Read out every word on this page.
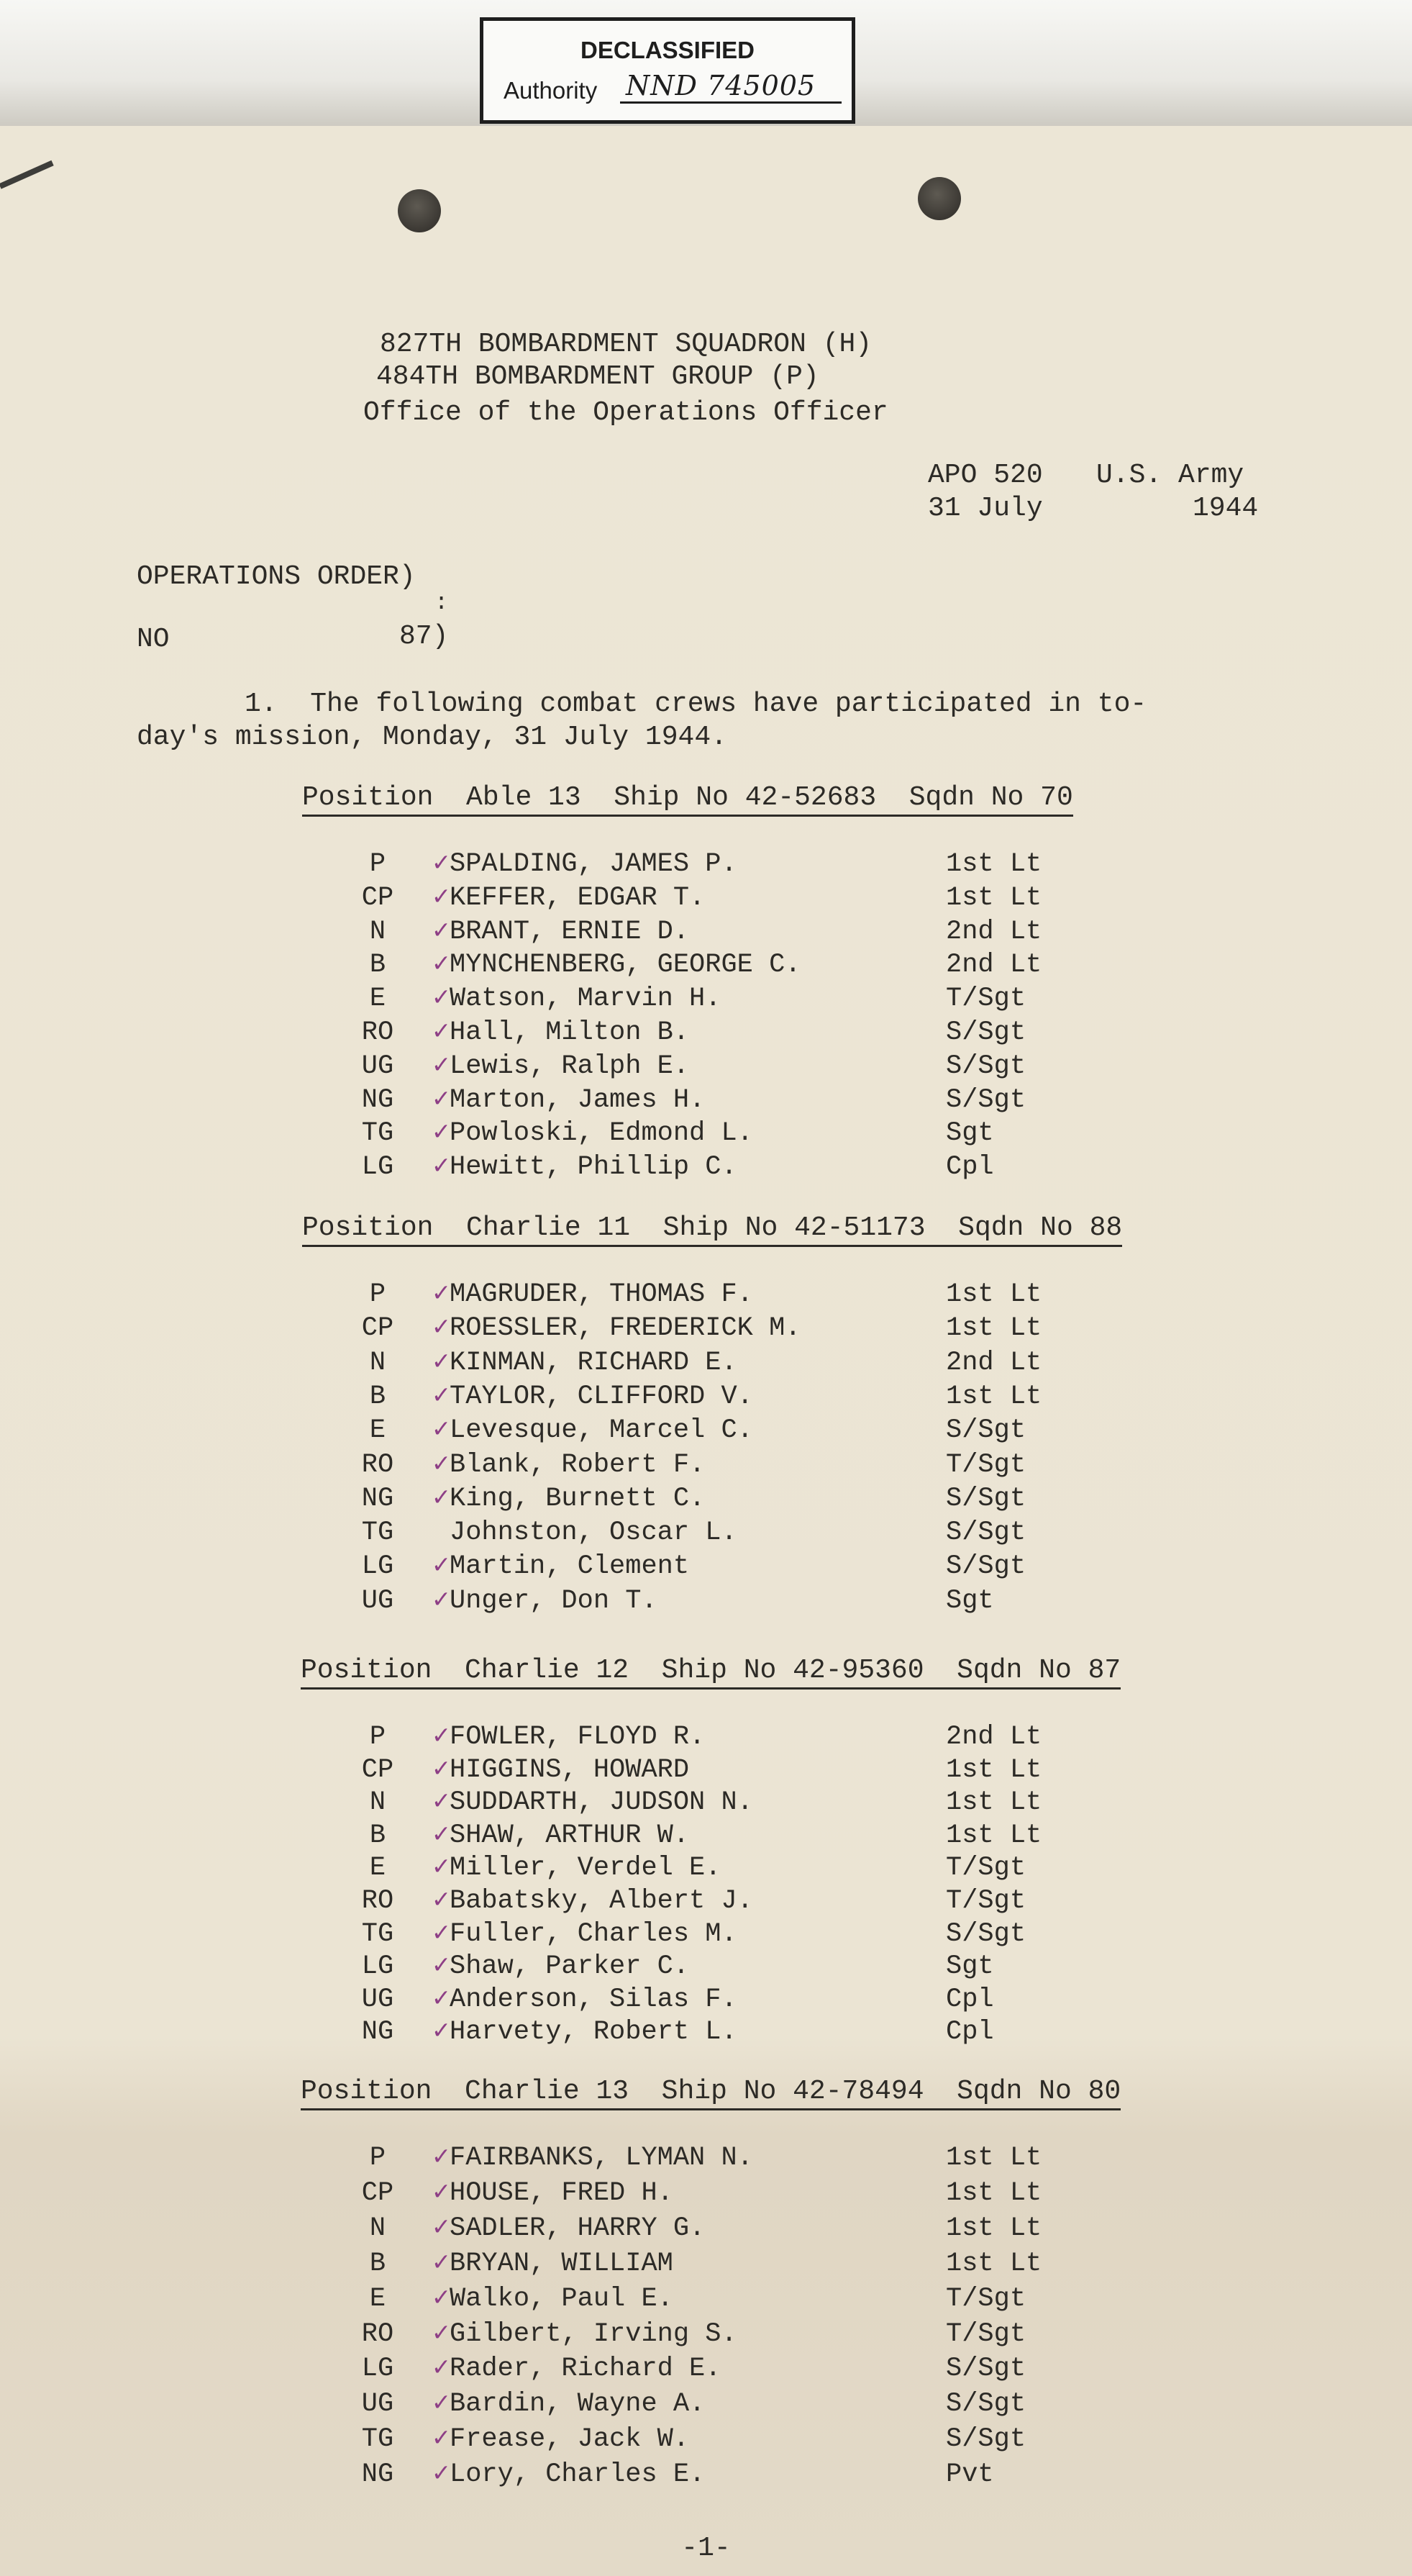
DECLASSIFIED
Authority NND 745005
827TH BOMBARDMENT SQUADRON (H)
484TH BOMBARDMENT GROUP (P)
Office of the Operations Officer
APO 520 U.S. Army
31 July	1944
OPERATIONS ORDER)
:
NO	87)
1.  The following combat crews have participated in to-
day's mission, Monday, 31 July 1944.
Position  Able 13  Ship No 42-52683  Sqdn No 70
P	✓ SPALDING, JAMES P.	1st Lt
CP	✓ KEFFER, EDGAR T.	1st Lt
N	✓ BRANT, ERNIE D.	2nd Lt
B	✓ MYNCHENBERG, GEORGE C.	2nd Lt
E	✓ Watson, Marvin H.	T/Sgt
RO	✓ Hall, Milton B.	S/Sgt
UG	✓ Lewis, Ralph E.	S/Sgt
NG	✓ Marton, James H.	S/Sgt
TG	✓ Powloski, Edmond L.	Sgt
LG	✓ Hewitt, Phillip C.	Cpl
Position  Charlie 11  Ship No 42-51173  Sqdn No 88
P	✓ MAGRUDER, THOMAS F.	1st Lt
CP	✓ ROESSLER, FREDERICK M.	1st Lt
N	✓ KINMAN, RICHARD E.	2nd Lt
B	✓ TAYLOR, CLIFFORD V.	1st Lt
E	✓ Levesque, Marcel C.	S/Sgt
RO	✓ Blank, Robert F.	T/Sgt
NG	✓ King, Burnett C.	S/Sgt
TG	Johnston, Oscar L.	S/Sgt
LG	✓ Martin, Clement	S/Sgt
UG	✓ Unger, Don T.	Sgt
Position  Charlie 12  Ship No 42-95360  Sqdn No 87
P	✓ FOWLER, FLOYD R.	2nd Lt
CP	✓ HIGGINS, HOWARD	1st Lt
N	✓ SUDDARTH, JUDSON N.	1st Lt
B	✓ SHAW, ARTHUR W.	1st Lt
E	✓ Miller, Verdel E.	T/Sgt
RO	✓ Babatsky, Albert J.	T/Sgt
TG	✓ Fuller, Charles M.	S/Sgt
LG	✓ Shaw, Parker C.	Sgt
UG	✓ Anderson, Silas F.	Cpl
NG	✓ Harvety, Robert L.	Cpl
Position  Charlie 13  Ship No 42-78494  Sqdn No 80
P	✓ FAIRBANKS, LYMAN N.	1st Lt
CP	✓ HOUSE, FRED H.	1st Lt
N	✓ SADLER, HARRY G.	1st Lt
B	✓ BRYAN, WILLIAM	1st Lt
E	✓ Walko, Paul E.	T/Sgt
RO	✓ Gilbert, Irving S.	T/Sgt
LG	✓ Rader, Richard E.	S/Sgt
UG	✓ Bardin, Wayne A.	S/Sgt
TG	✓ Frease, Jack W.	S/Sgt
NG	✓ Lory, Charles E.	Pvt
-1-
